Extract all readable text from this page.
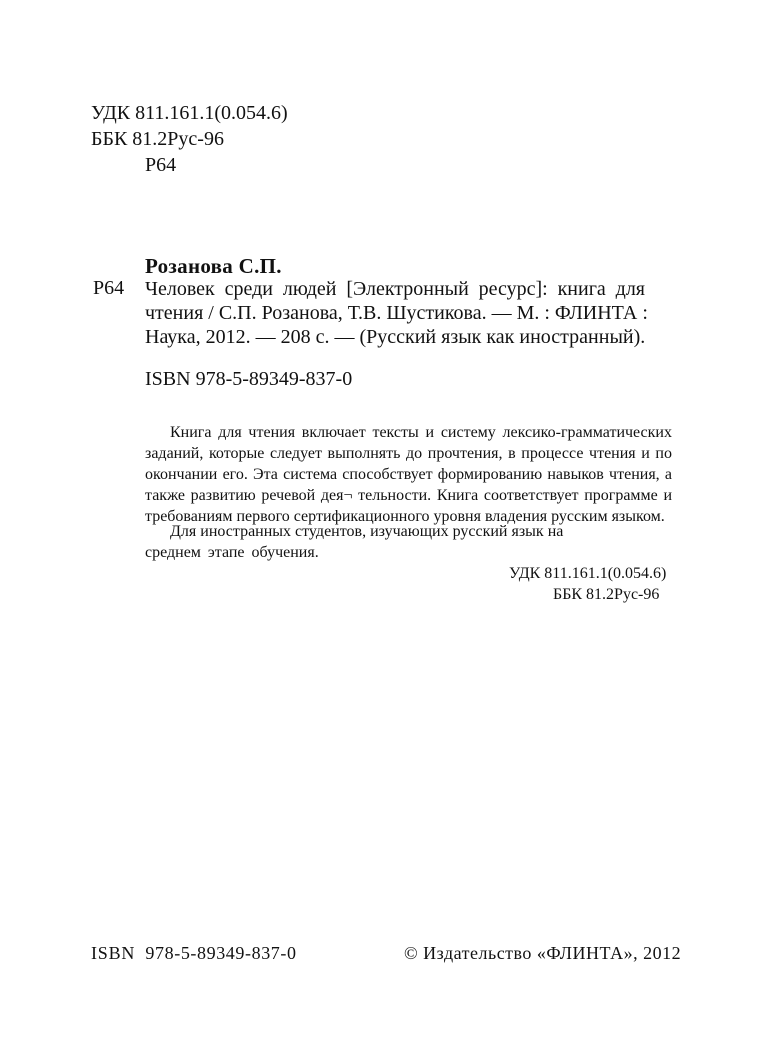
УДК 811.161.1(0.054.6)
ББК 81.2Рус-96
Р64
Розанова С.П.
Р64 Человек среди людей [Электронный ресурс]: книга для
чтения / С.П. Розанова, Т.В. Шустикова. — М. : ФЛИНТА :
Наука, 2012. — 208 с. — (Русский язык как иностранный).
ISBN 978-5-89349-837-0
Книга для чтения включает тексты и систему лексико-грамматических
заданий, которые следует выполнять до прочтения, в процессе чтения и по
окончании его. Эта система способствует формированию навыков чтения, а
также развитию речевой дея¬ тельности. Книга соответствует программе и
требованиям первого сертификационного уровня владения русским языком.
Для иностранных студентов, изучающих русский язык на
среднем этапе обучения.
УДК 811.161.1(0.054.6)
ББК 81.2Рус-96
ISBN 978-5-89349-837-0	© Издательство «ФЛИНТА», 2012
